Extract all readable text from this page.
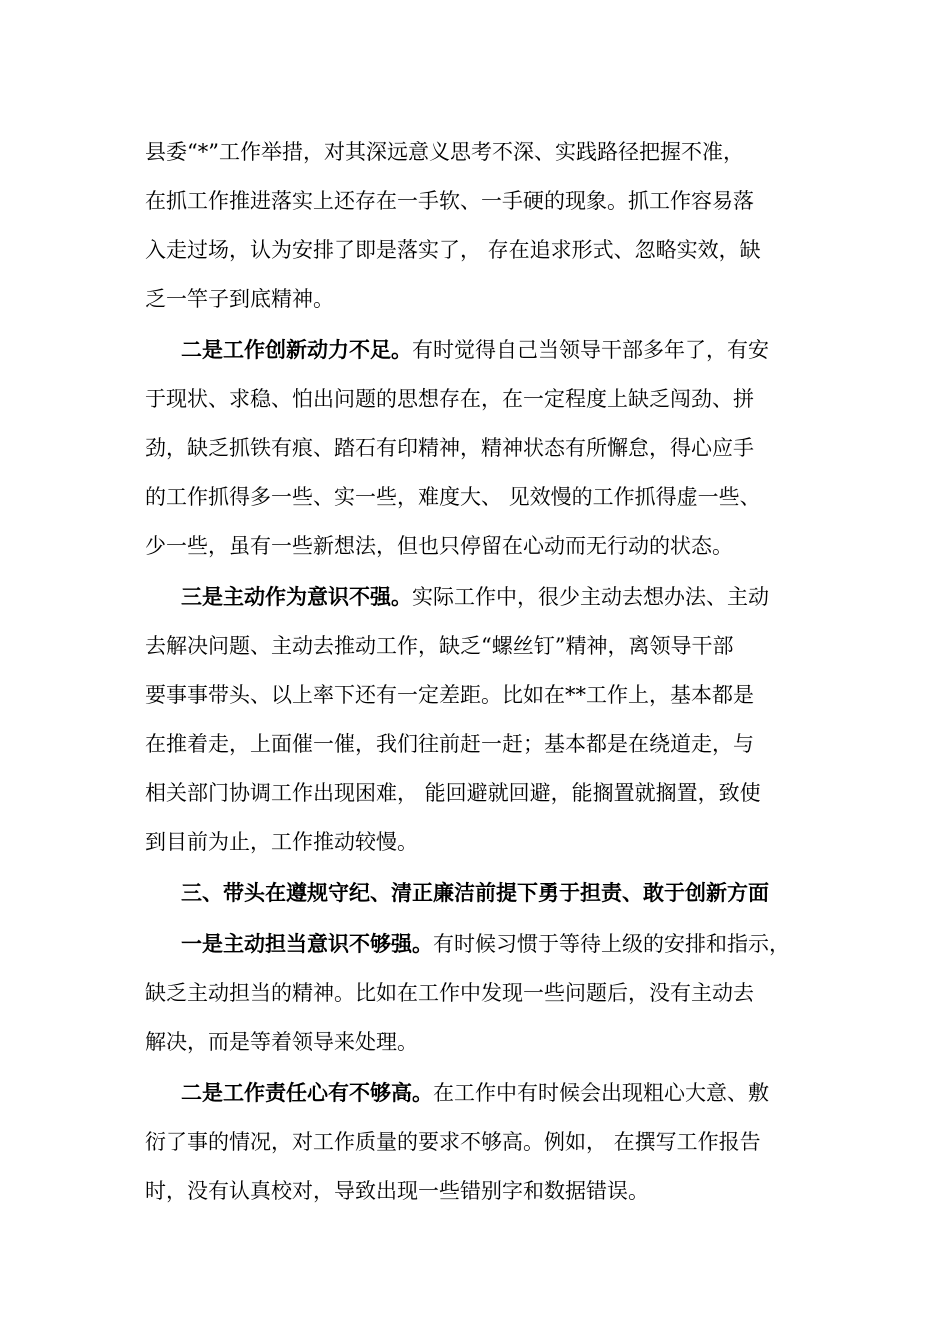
县委“*”工作举措，对其深远意义思考不深、实践路径把握不准，
在抓工作推进落实上还存在一手软、一手硬的现象。抓工作容易落
入走过场，认为安排了即是落实了， 存在追求形式、忽略实效，缺
乏一竿子到底精神。
二是工作创新动力不足。有时觉得自己当领导干部多年了，有安
于现状、求稳、怕出问题的思想存在，在一定程度上缺乏闯劲、拼
劲，缺乏抓铁有痕、踏石有印精神，精神状态有所懈怠，得心应手
的工作抓得多一些、实一些，难度大、 见效慢的工作抓得虚一些、
少一些，虽有一些新想法，但也只停留在心动而无行动的状态。
三是主动作为意识不强。实际工作中，很少主动去想办法、主动
去解决问题、主动去推动工作，缺乏“螺丝钉”精神，离领导干部
要事事带头、以上率下还有一定差距。比如在**工作上，基本都是
在推着走，上面催一催，我们往前赶一赶；基本都是在绕道走，与
相关部门协调工作出现困难， 能回避就回避，能搁置就搁置，致使
到目前为止，工作推动较慢。
三、带头在遵规守纪、清正廉洁前提下勇于担责、敢于创新方面
一是主动担当意识不够强。有时候习惯于等待上级的安排和指示，
缺乏主动担当的精神。比如在工作中发现一些问题后，没有主动去
解决，而是等着领导来处理。
二是工作责任心有不够高。在工作中有时候会出现粗心大意、敷
衍了事的情况，对工作质量的要求不够高。例如， 在撰写工作报告
时，没有认真校对，导致出现一些错别字和数据错误。
